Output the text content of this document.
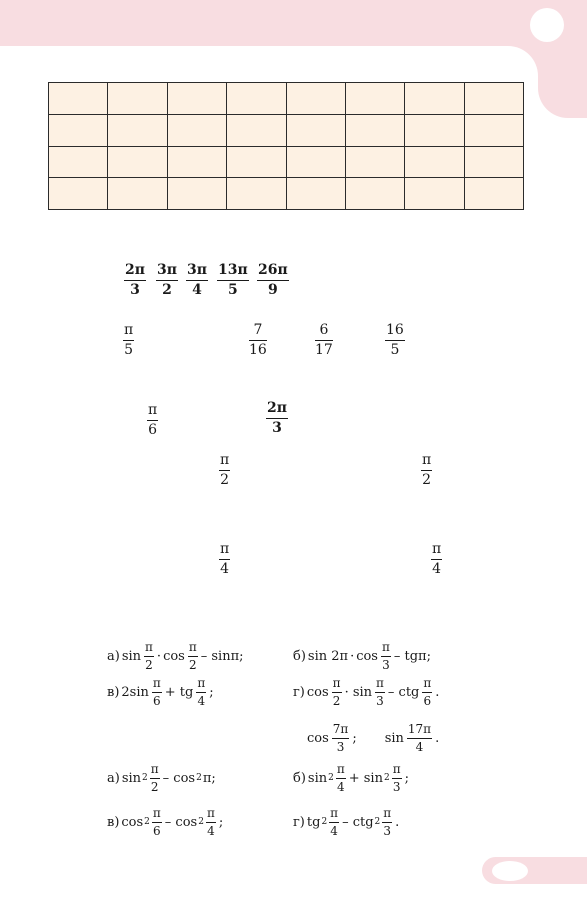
2π
3
3π
2
3π
4
13π
5
26π
9
π
5
7
16
6
17
16
5
π
6
2π
3
π
2
π
2
π
4
π
4
а) $\sin \frac{\pi}{2} \cdot \cos \frac{\pi}{2} - \sin\pi$;	б) $\sin 2\pi \cdot \cos \frac{\pi}{3} - tg\pi$;
в) $2\sin \frac{\pi}{6}$ + tg $\frac{\pi}{4}$ ;	г) $\cos \frac{\pi}{2} \cdot \sin \frac{\pi}{3}$ – ctg $\frac{\pi}{6}$ .
$\cos \frac{7\pi}{3}$ ; $\sin \frac{17\pi}{4}$ .
а) $\sin 2 \frac{\pi}{2}$ – cos 2 π;	б) $\sin 2 \frac{\pi}{4} + \sin 2 \frac{\pi}{3}$ ;
в) $\cos 2 \frac{\pi}{6}$ – $\cos 2 \frac{\pi}{4}$ ;	г) tg $2 \frac{\pi}{4}$ – ctg $2 \frac{\pi}{3}$ .
